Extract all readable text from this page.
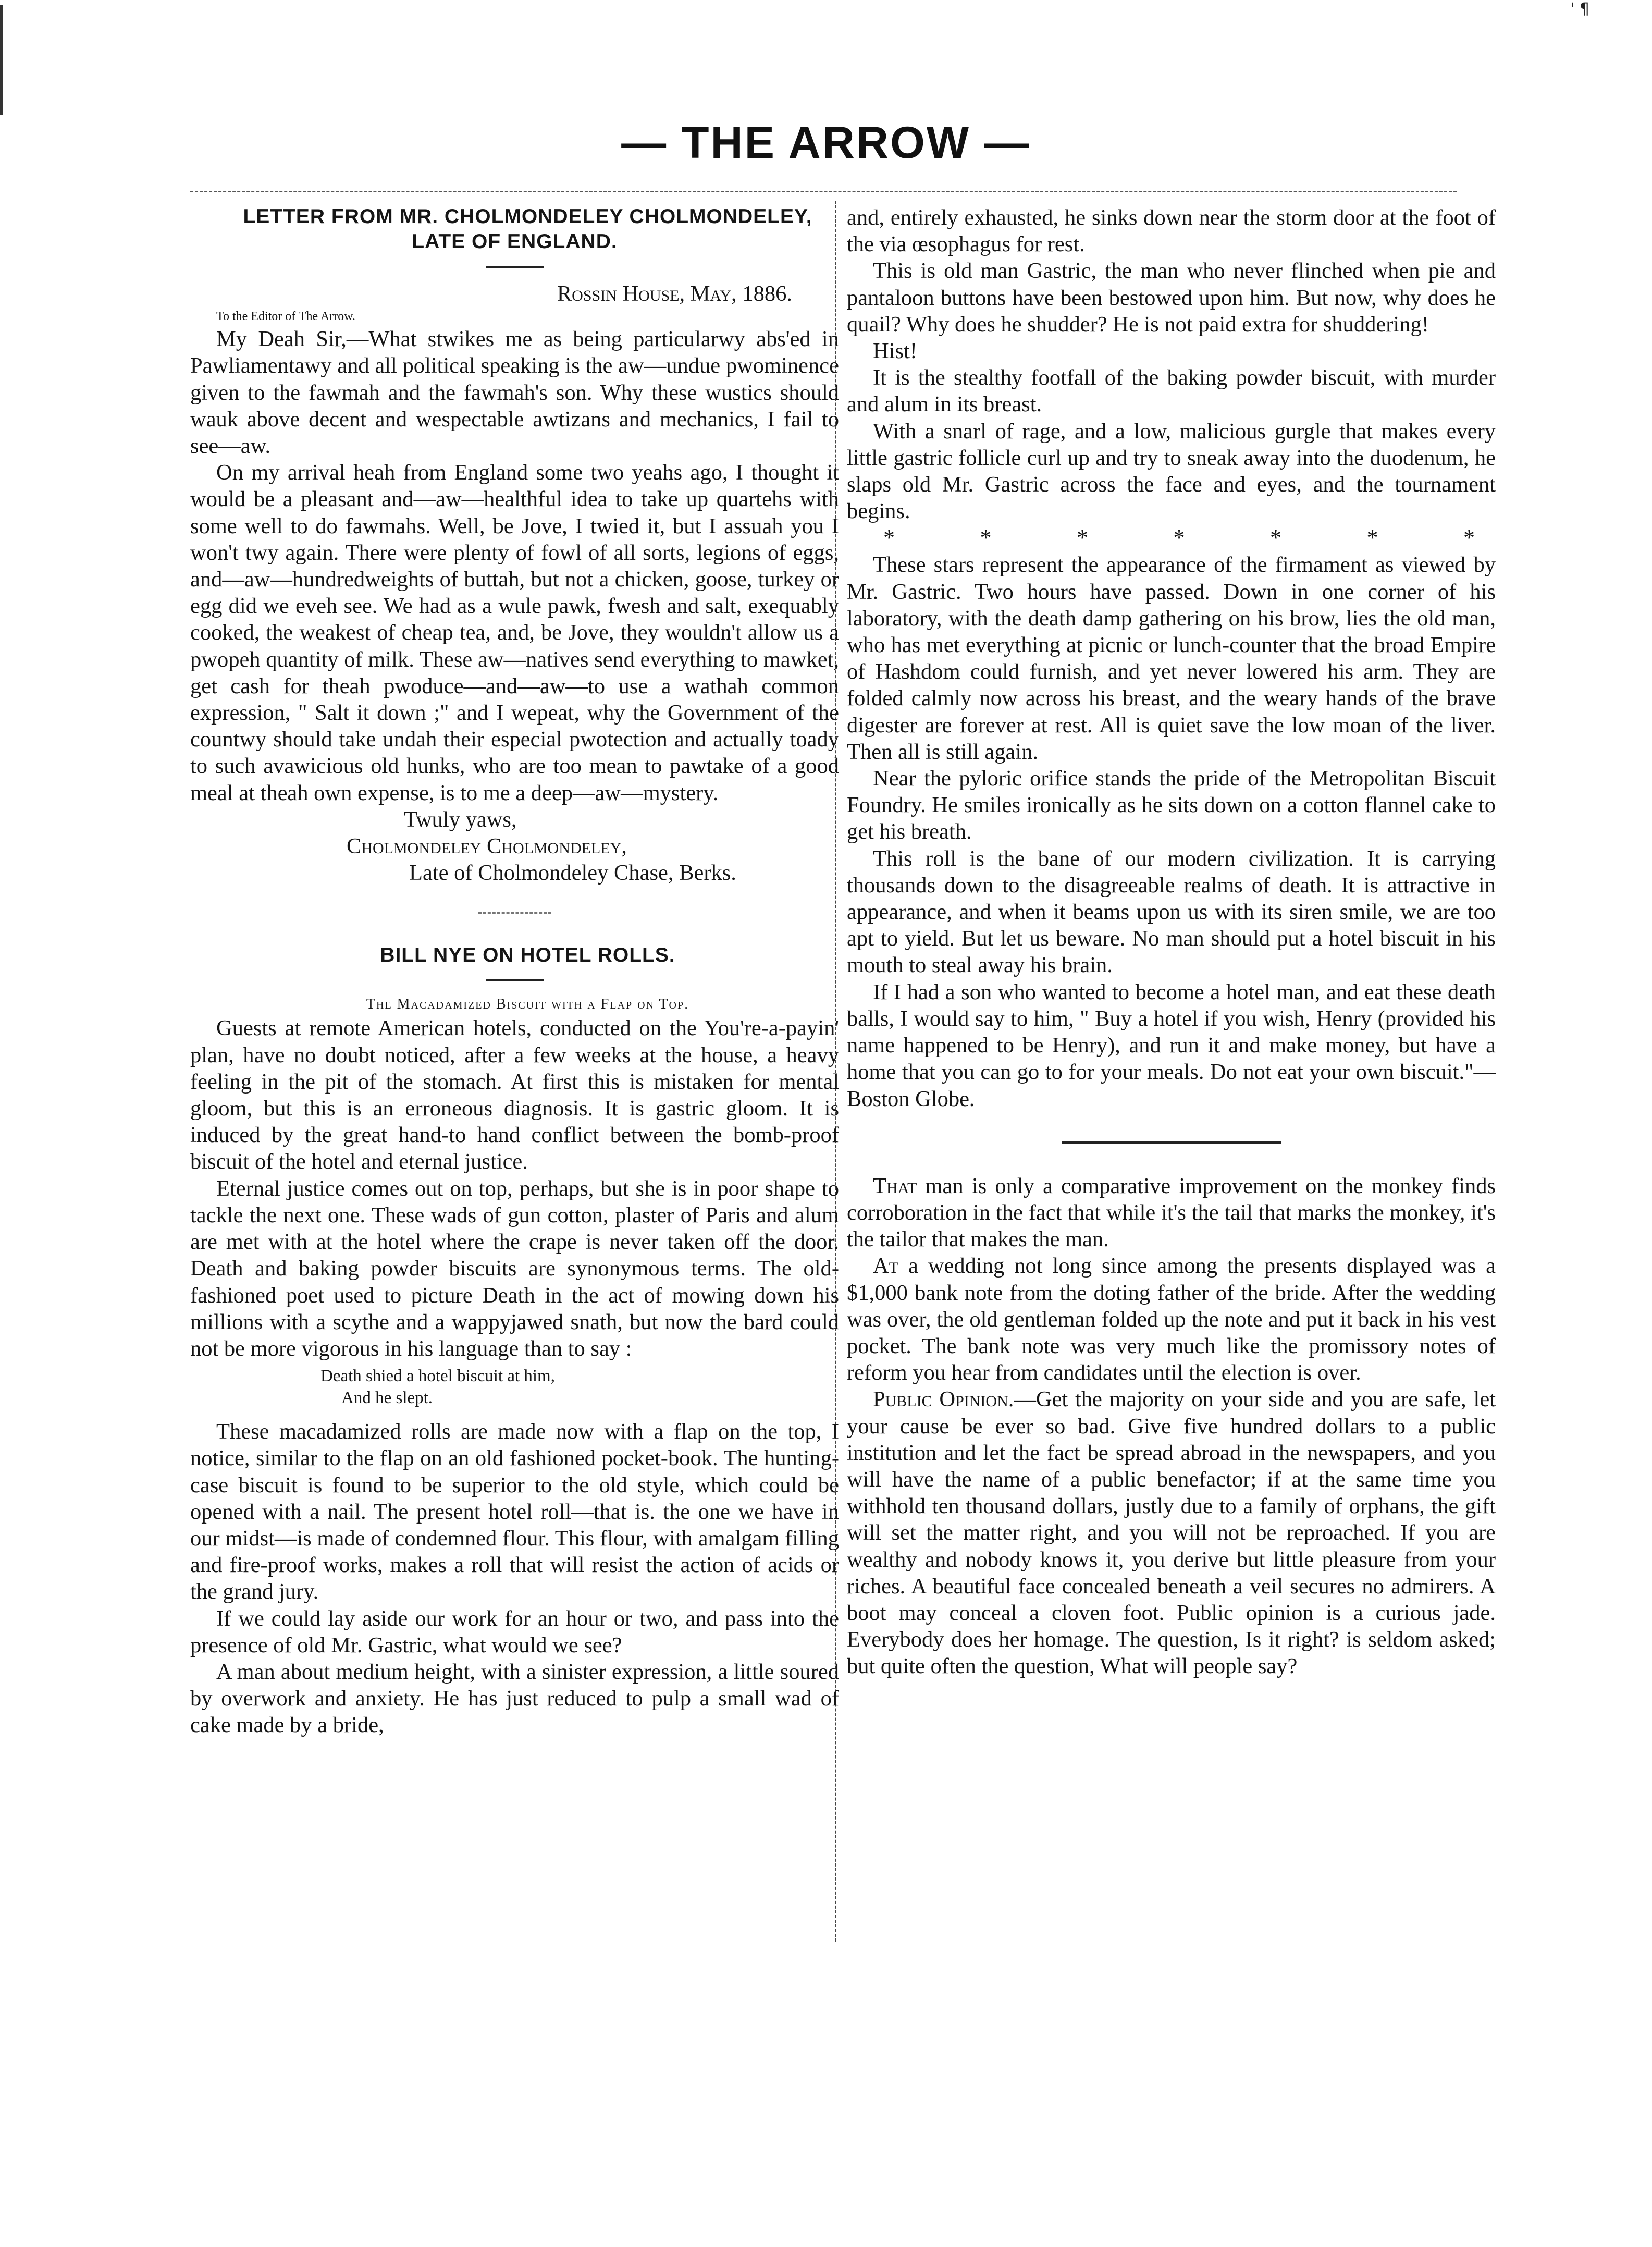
' ¶
— THE ARROW —

LETTER FROM MR. CHOLMONDELEY CHOLMONDELEY, LATE OF ENGLAND.

Rossin House, May, 1886.

To the Editor of The Arrow.

My Deah Sir,—What stwikes me as being particularwy abs'ed in Pawliamentawy and all political speaking is the aw—undue pwominence given to the fawmah and the fawmah's son. Why these wustics should wauk above decent and wespectable awtizans and mechanics, I fail to see—aw.

On my arrival heah from England some two yeahs ago, I thought it would be a pleasant and—aw—healthful idea to take up quartehs with some well to do fawmahs. Well, be Jove, I twied it, but I assuah you I won't twy again. There were plenty of fowl of all sorts, legions of eggs, and—aw—hundredweights of buttah, but not a chicken, goose, turkey or egg did we eveh see. We had as a wule pawk, fwesh and salt, exequably cooked, the weakest of cheap tea, and, be Jove, they wouldn't allow us a pwopeh quantity of milk. These aw—natives send everything to mawket, get cash for theah pwoduce—and—aw—to use a wathah common expression, " Salt it down ;" and I wepeat, why the Government of the countwy should take undah their especial pwotection and actually toady to such avawicious old hunks, who are too mean to pawtake of a good meal at theah own expense, is to me a deep—aw—mystery.

Twuly yaws,

Cholmondeley Cholmondeley,

Late of Cholmondeley Chase, Berks.

BILL NYE ON HOTEL ROLLS.

The Macadamized Biscuit with a Flap on Top.

Guests at remote American hotels, conducted on the You're-a-payin' plan, have no doubt noticed, after a few weeks at the house, a heavy feeling in the pit of the stomach. At first this is mistaken for mental gloom, but this is an erroneous diagnosis. It is gastric gloom. It is induced by the great hand-to hand conflict between the bomb-proof biscuit of the hotel and eternal justice.

Eternal justice comes out on top, perhaps, but she is in poor shape to tackle the next one. These wads of gun cotton, plaster of Paris and alum are met with at the hotel where the crape is never taken off the door. Death and baking powder biscuits are synonymous terms. The old-fashioned poet used to picture Death in the act of mowing down his millions with a scythe and a wappyjawed snath, but now the bard could not be more vigorous in his language than to say :

Death shied a hotel biscuit at him,
And he slept.

These macadamized rolls are made now with a flap on the top, I notice, similar to the flap on an old fashioned pocket-book. The hunting-case biscuit is found to be superior to the old style, which could be opened with a nail. The present hotel roll—that is. the one we have in our midst—is made of condemned flour. This flour, with amalgam filling and fire-proof works, makes a roll that will resist the action of acids or the grand jury.

If we could lay aside our work for an hour or two, and pass into the presence of old Mr. Gastric, what would we see?

A man about medium height, with a sinister expression, a little soured by overwork and anxiety. He has just reduced to pulp a small wad of cake made by a bride,

and, entirely exhausted, he sinks down near the storm door at the foot of the via œsophagus for rest.

This is old man Gastric, the man who never flinched when pie and pantaloon buttons have been bestowed upon him. But now, why does he quail? Why does he shudder? He is not paid extra for shuddering!

Hist!

It is the stealthy footfall of the baking powder biscuit, with murder and alum in its breast.

With a snarl of rage, and a low, malicious gurgle that makes every little gastric follicle curl up and try to sneak away into the duodenum, he slaps old Mr. Gastric across the face and eyes, and the tournament begins.

*	*	*	*	*	*	*

These stars represent the appearance of the firmament as viewed by Mr. Gastric. Two hours have passed. Down in one corner of his laboratory, with the death damp gathering on his brow, lies the old man, who has met everything at picnic or lunch-counter that the broad Empire of Hashdom could furnish, and yet never lowered his arm. They are folded calmly now across his breast, and the weary hands of the brave digester are forever at rest. All is quiet save the low moan of the liver. Then all is still again.

Near the pyloric orifice stands the pride of the Metropolitan Biscuit Foundry. He smiles ironically as he sits down on a cotton flannel cake to get his breath.

This roll is the bane of our modern civilization. It is carrying thousands down to the disagreeable realms of death. It is attractive in appearance, and when it beams upon us with its siren smile, we are too apt to yield. But let us beware. No man should put a hotel biscuit in his mouth to steal away his brain.

If I had a son who wanted to become a hotel man, and eat these death balls, I would say to him, " Buy a hotel if you wish, Henry (provided his name happened to be Henry), and run it and make money, but have a home that you can go to for your meals. Do not eat your own biscuit."—Boston Globe.

That man is only a comparative improvement on the monkey finds corroboration in the fact that while it's the tail that marks the monkey, it's the tailor that makes the man.

At a wedding not long since among the presents displayed was a $1,000 bank note from the doting father of the bride. After the wedding was over, the old gentleman folded up the note and put it back in his vest pocket. The bank note was very much like the promissory notes of reform you hear from candidates until the election is over.

Public Opinion.—Get the majority on your side and you are safe, let your cause be ever so bad. Give five hundred dollars to a public institution and let the fact be spread abroad in the newspapers, and you will have the name of a public benefactor; if at the same time you withhold ten thousand dollars, justly due to a family of orphans, the gift will set the matter right, and you will not be reproached. If you are wealthy and nobody knows it, you derive but little pleasure from your riches. A beautiful face concealed beneath a veil secures no admirers. A boot may conceal a cloven foot. Public opinion is a curious jade. Everybody does her homage. The question, Is it right? is seldom asked; but quite often the question, What will people say?
